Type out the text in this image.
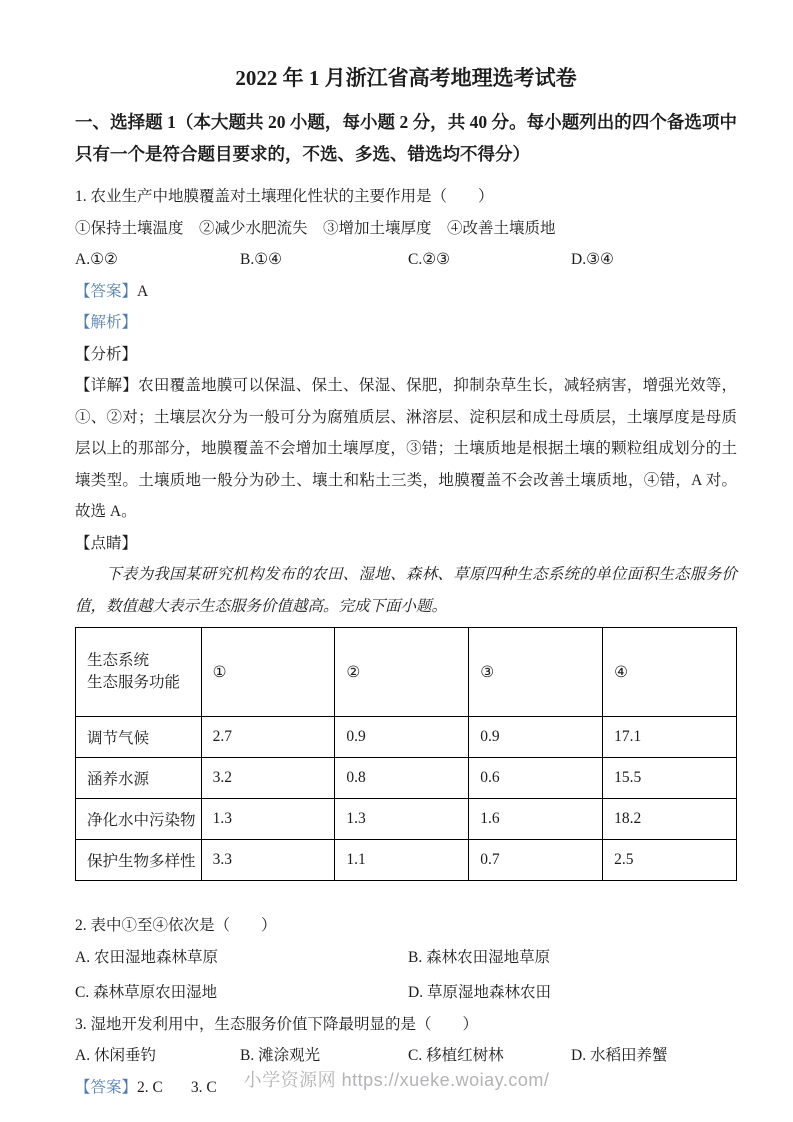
2022 年 1 月浙江省高考地理选考试卷
一、选择题 1（本大题共 20 小题，每小题 2 分，共 40 分。每小题列出的四个备选项中只有一个是符合题目要求的，不选、多选、错选均不得分）

1. 农业生产中地膜覆盖对土壤理化性状的主要作用是（　　）

①保持土壤温度　②减少水肥流失　③增加土壤厚度　④改善土壤质地

A.①②	B.①④	C.②③	D.③④

【答案】A

【解析】

【分析】

【详解】农田覆盖地膜可以保温、保土、保湿、保肥，抑制杂草生长，减轻病害，增强光效等，①、②对；土壤层次分为一般可分为腐殖质层、淋溶层、淀积层和成土母质层，土壤厚度是母质层以上的那部分，地膜覆盖不会增加土壤厚度，③错；土壤质地是根据土壤的颗粒组成划分的土壤类型。土壤质地一般分为砂土、壤土和粘土三类，地膜覆盖不会改善土壤质地，④错，A 对。故选 A。

【点睛】

下表为我国某研究机构发布的农田、湿地、森林、草原四种生态系统的单位面积生态服务价值，数值越大表示生态服务价值越高。完成下面小题。

生态系统
生态服务功能	①	②	③	④
调节气候	2.7	0.9	0.9	17.1
涵养水源	3.2	0.8	0.6	15.5
净化水中污染物	1.3	1.3	1.6	18.2
保护生物多样性	3.3	1.1	0.7	2.5

2. 表中①至④依次是（　　）

A. 农田湿地森林草原	B. 森林农田湿地草原
C. 森林草原农田湿地	D. 草原湿地森林农田

3. 湿地开发利用中，生态服务价值下降最明显的是（　　）

A. 休闲垂钓	B. 滩涂观光	C. 移植红树林	D. 水稻田养蟹

【答案】2. C 3. C	小学资源网 https://xueke.woiay.com/
